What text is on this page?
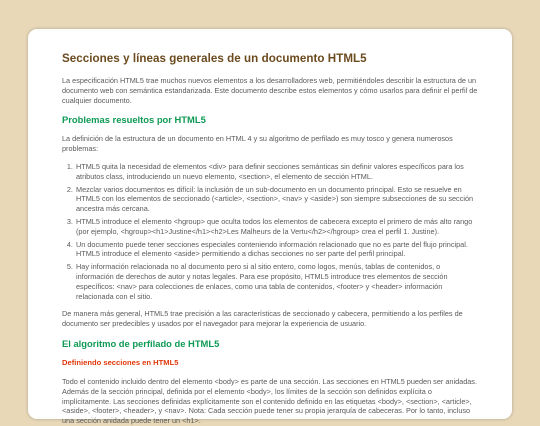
Secciones y líneas generales de un documento HTML5

La especificación HTML5 trae muchos nuevos elementos a los desarrolladores web, permitiéndoles describir la estructura de un documento web con semántica estandarizada. Este documento describe estos elementos y cómo usarlos para definir el perfil de cualquier documento.

Problemas resueltos por HTML5

La definición de la estructura de un documento en HTML 4 y su algoritmo de perfilado es muy tosco y genera numerosos problemas:

1. HTML5 quita la necesidad de elementos <div> para definir secciones semánticas sin definir valores específicos para los atributos class, introduciendo un nuevo elemento, <section>, el elemento de sección HTML.
2. Mezclar varios documentos es difícil: la inclusión de un sub-documento en un documento principal. Esto se resuelve en HTML5 con los elementos de seccionado (<article>, <section>, <nav> y <aside>) son siempre subsecciones de su sección ancestra más cercana.
3. HTML5 introduce el elemento <hgroup> que oculta todos los elementos de cabecera excepto el primero de más alto rango (por ejemplo, <hgroup><h1>Justine</h1><h2>Les Malheurs de la Vertu</h2></hgroup> crea el perfil 1. Justine).
4. Un documento puede tener secciones especiales conteniendo información relacionado que no es parte del flujo principal. HTML5 introduce el elemento <aside> permitiendo a dichas secciones no ser parte del perfil principal.
5. Hay información relacionada no al documento pero si al sitio entero, como logos, menús, tablas de contenidos, o información de derechos de autor y notas legales. Para ese propósito, HTML5 introduce tres elementos de sección específicos: <nav> para colecciones de enlaces, como una tabla de contenidos, <footer> y <header> información relacionada con el sitio.

De manera más general, HTML5 trae precisión a las características de seccionado y cabecera, permitiendo a los perfiles de documento ser predecibles y usados por el navegador para mejorar la experiencia de usuario.

El algoritmo de perfilado de HTML5
Definiendo secciones en HTML5

Todo el contenido incluido dentro del elemento <body> es parte de una sección. Las secciones en HTML5 pueden ser anidadas. Además de la sección principal, definida por el elemento <body>, los límites de la sección son definidos explícita o implícitamente. Las secciones definidas explícitamente son el contenido definido en las etiquetas <body>, <section>, <article>, <aside>, <footer>, <header>, y <nav>. Nota: Cada sección puede tener su propia jerarquía de cabeceras. Por lo tanto, incluso una sección anidada puede tener un <h1>.
